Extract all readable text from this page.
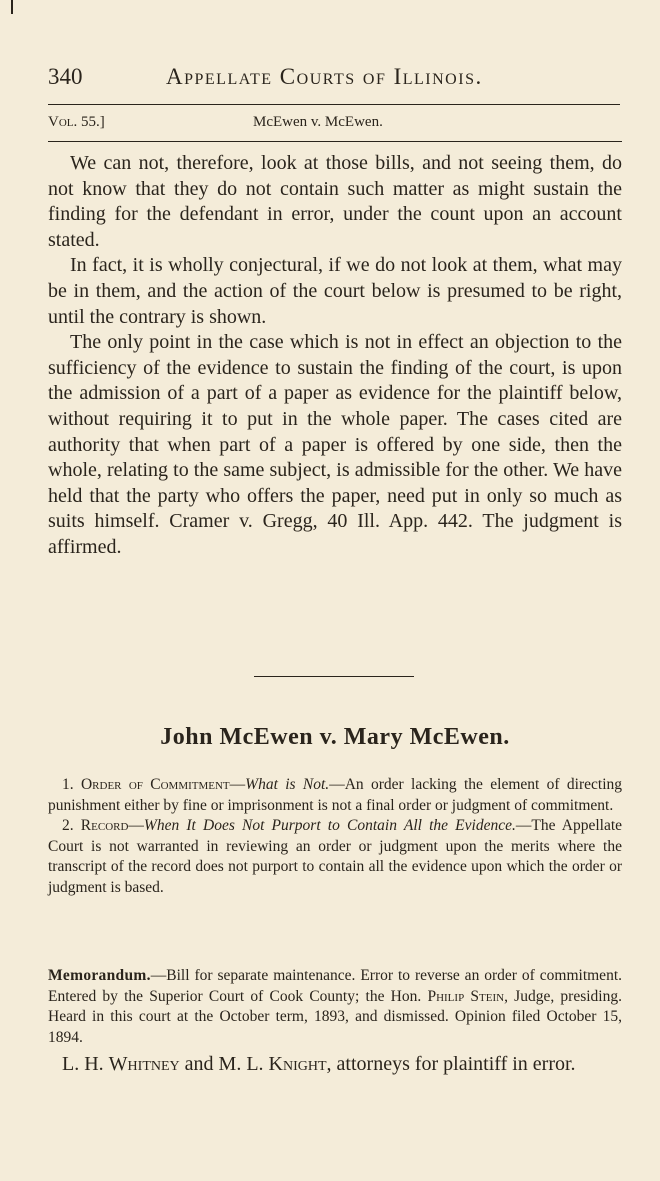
340	Appellate Courts of Illinois.
Vol. 55.]	McEwen v. McEwen.

We can not, therefore, look at those bills, and not seeing them, do not know that they do not contain such matter as might sustain the finding for the defendant in error, under the count upon an account stated.

In fact, it is wholly conjectural, if we do not look at them, what may be in them, and the action of the court below is presumed to be right, until the contrary is shown.

The only point in the case which is not in effect an objection to the sufficiency of the evidence to sustain the finding of the court, is upon the admission of a part of a paper as evidence for the plaintiff below, without requiring it to put in the whole paper. The cases cited are authority that when part of a paper is offered by one side, then the whole, relating to the same subject, is admissible for the other. We have held that the party who offers the paper, need put in only so much as suits himself. Cramer v. Gregg, 40 Ill. App. 442. The judgment is affirmed.

John McEwen v. Mary McEwen.

1. Order of Commitment—What is Not.—An order lacking the element of directing punishment either by fine or imprisonment is not a final order or judgment of commitment.

2. Record—When It Does Not Purport to Contain All the Evidence.—The Appellate Court is not warranted in reviewing an order or judgment upon the merits where the transcript of the record does not purport to contain all the evidence upon which the order or judgment is based.

Memorandum.—Bill for separate maintenance. Error to reverse an order of commitment. Entered by the Superior Court of Cook County; the Hon. Philip Stein, Judge, presiding. Heard in this court at the October term, 1893, and dismissed. Opinion filed October 15, 1894.

L. H. Whitney and M. L. Knight, attorneys for plaintiff in error.
